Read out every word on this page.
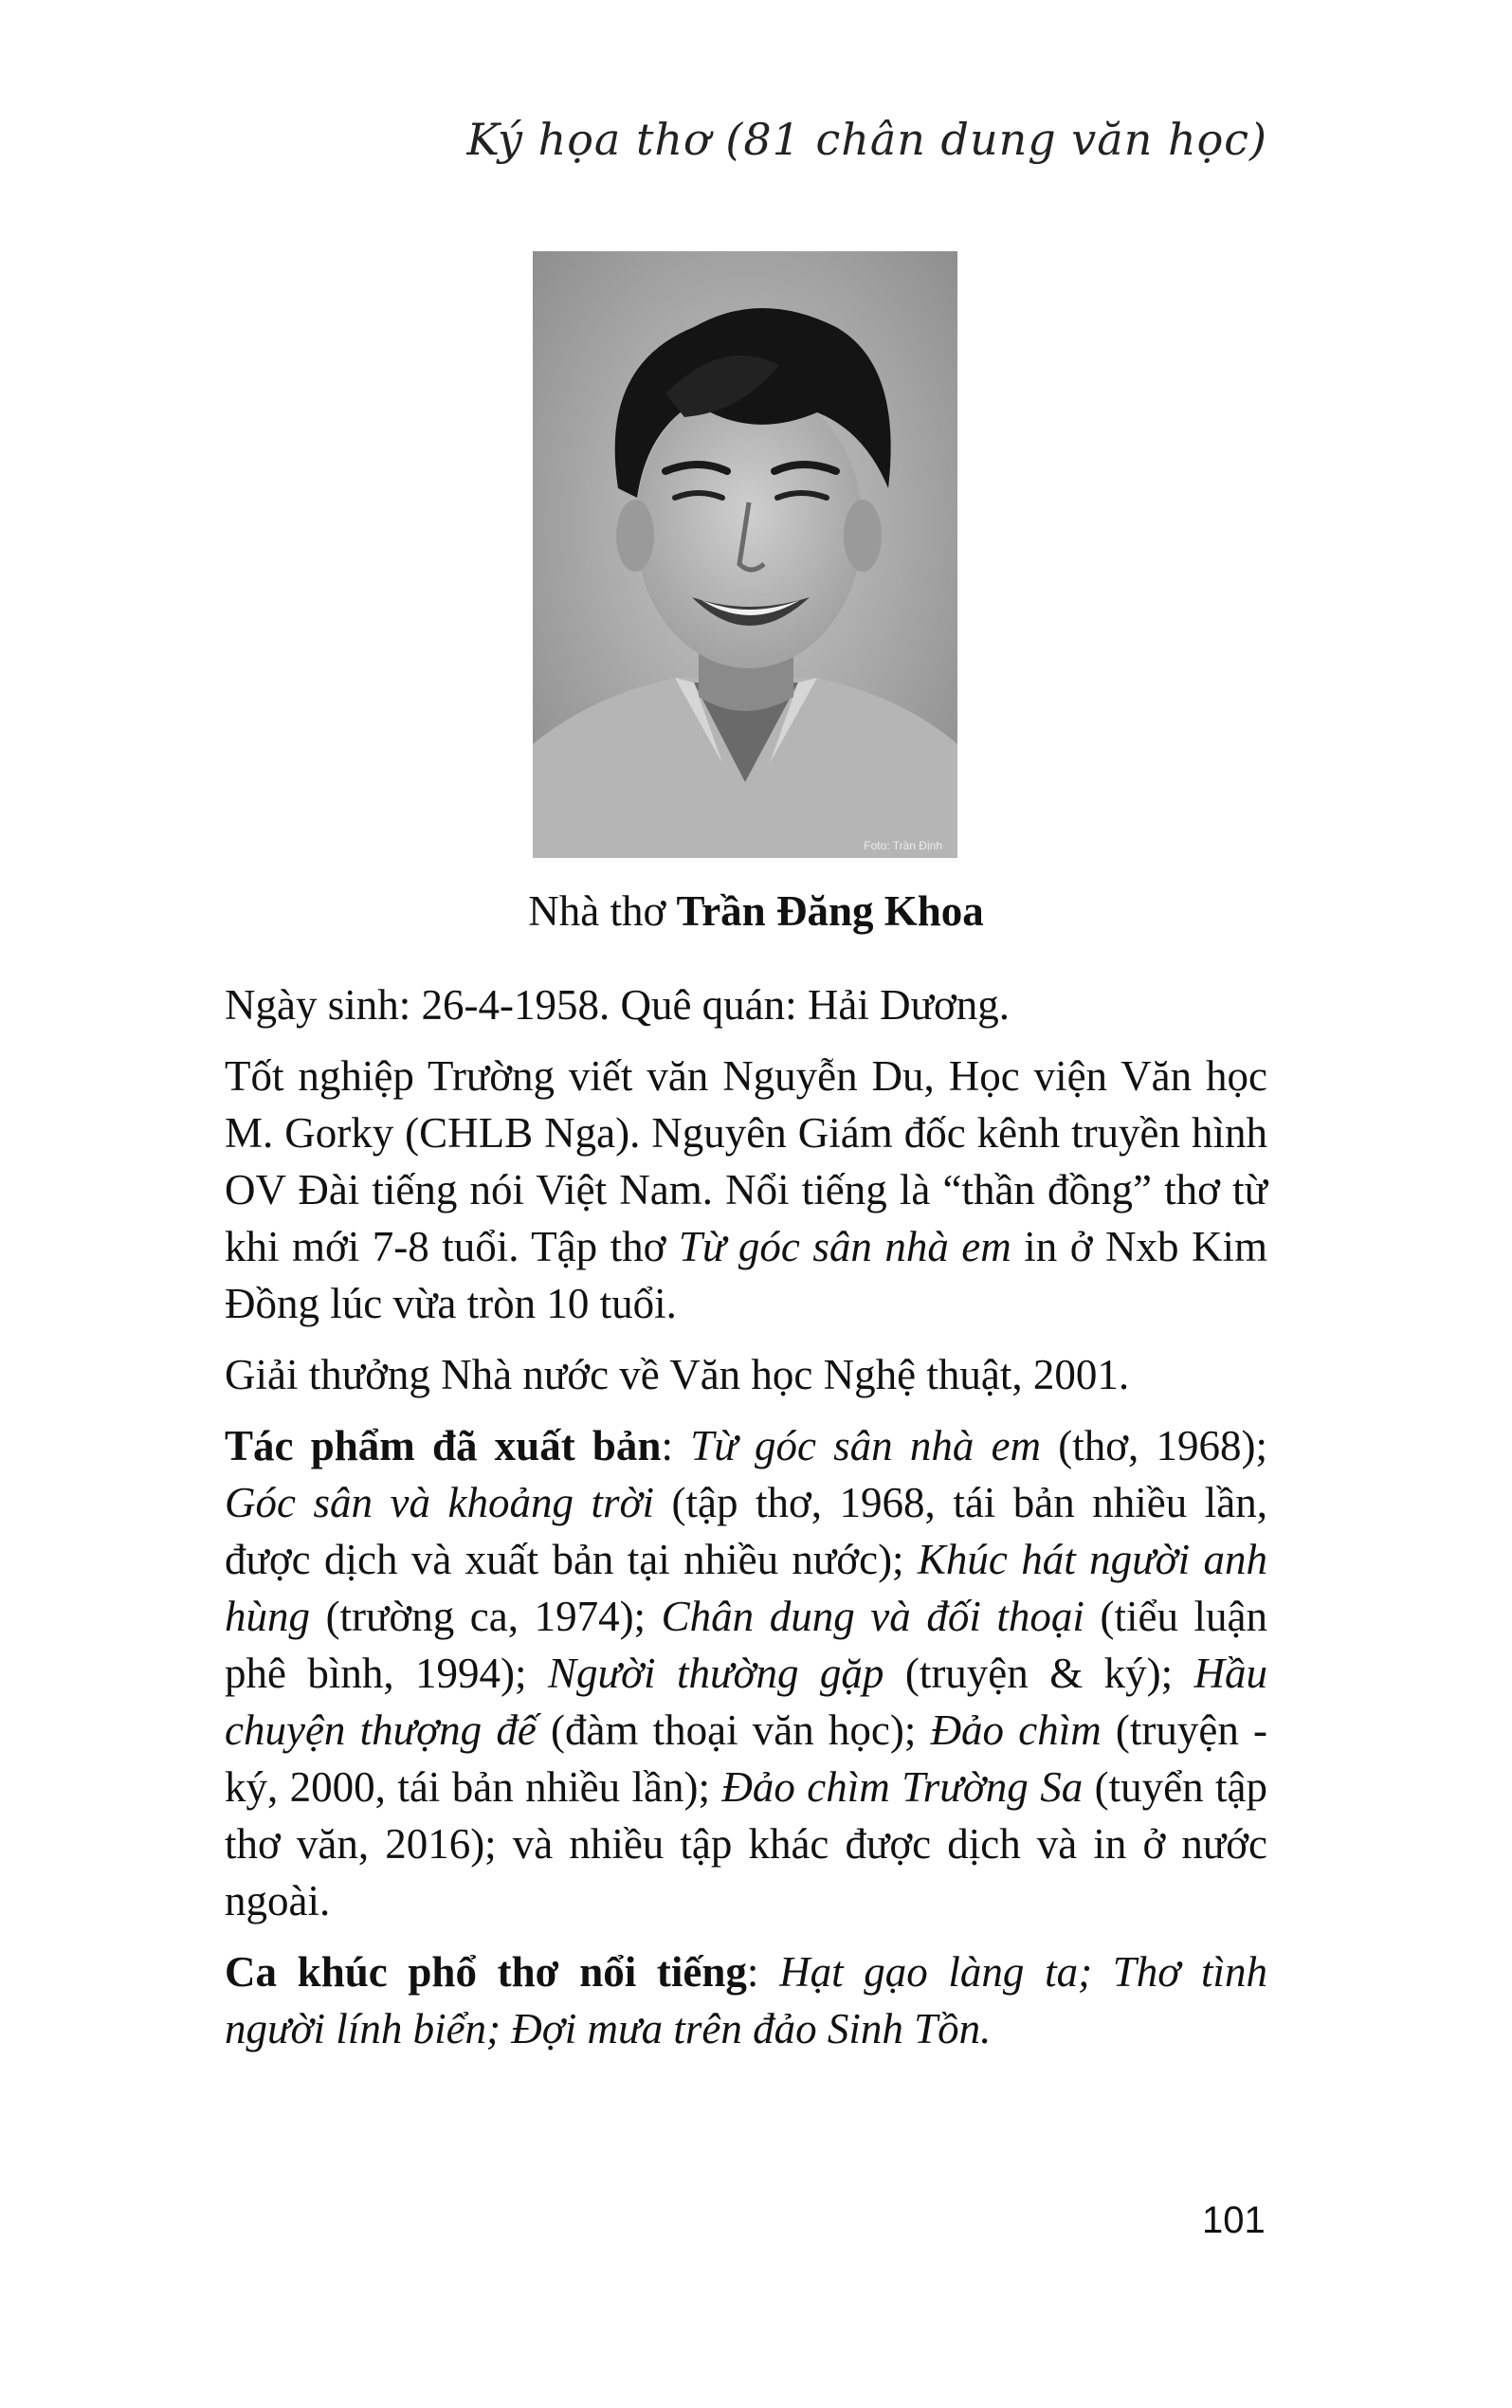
Ký họa thơ (81 chân dung văn học)
Foto: Trần Định
Nhà thơ Trần Đăng Khoa

Ngày sinh: 26-4-1958. Quê quán: Hải Dương.

Tốt nghiệp Trường viết văn Nguyễn Du, Học viện Văn học M. Gorky (CHLB Nga). Nguyên Giám đốc kênh truyền hình OV Đài tiếng nói Việt Nam. Nổi tiếng là “thần đồng” thơ từ khi mới 7-8 tuổi. Tập thơ Từ góc sân nhà em in ở Nxb Kim Đồng lúc vừa tròn 10 tuổi.

Giải thưởng Nhà nước về Văn học Nghệ thuật, 2001.

Tác phẩm đã xuất bản: Từ góc sân nhà em (thơ, 1968); Góc sân và khoảng trời (tập thơ, 1968, tái bản nhiều lần, được dịch và xuất bản tại nhiều nước); Khúc hát người anh hùng (trường ca, 1974); Chân dung và đối thoại (tiểu luận phê bình, 1994); Người thường gặp (truyện & ký); Hầu chuyện thượng đế (đàm thoại văn học); Đảo chìm (truyện - ký, 2000, tái bản nhiều lần); Đảo chìm Trường Sa (tuyển tập thơ văn, 2016); và nhiều tập khác được dịch và in ở nước ngoài.

Ca khúc phổ thơ nổi tiếng: Hạt gạo làng ta; Thơ tình người lính biển; Đợi mưa trên đảo Sinh Tồn.

101
